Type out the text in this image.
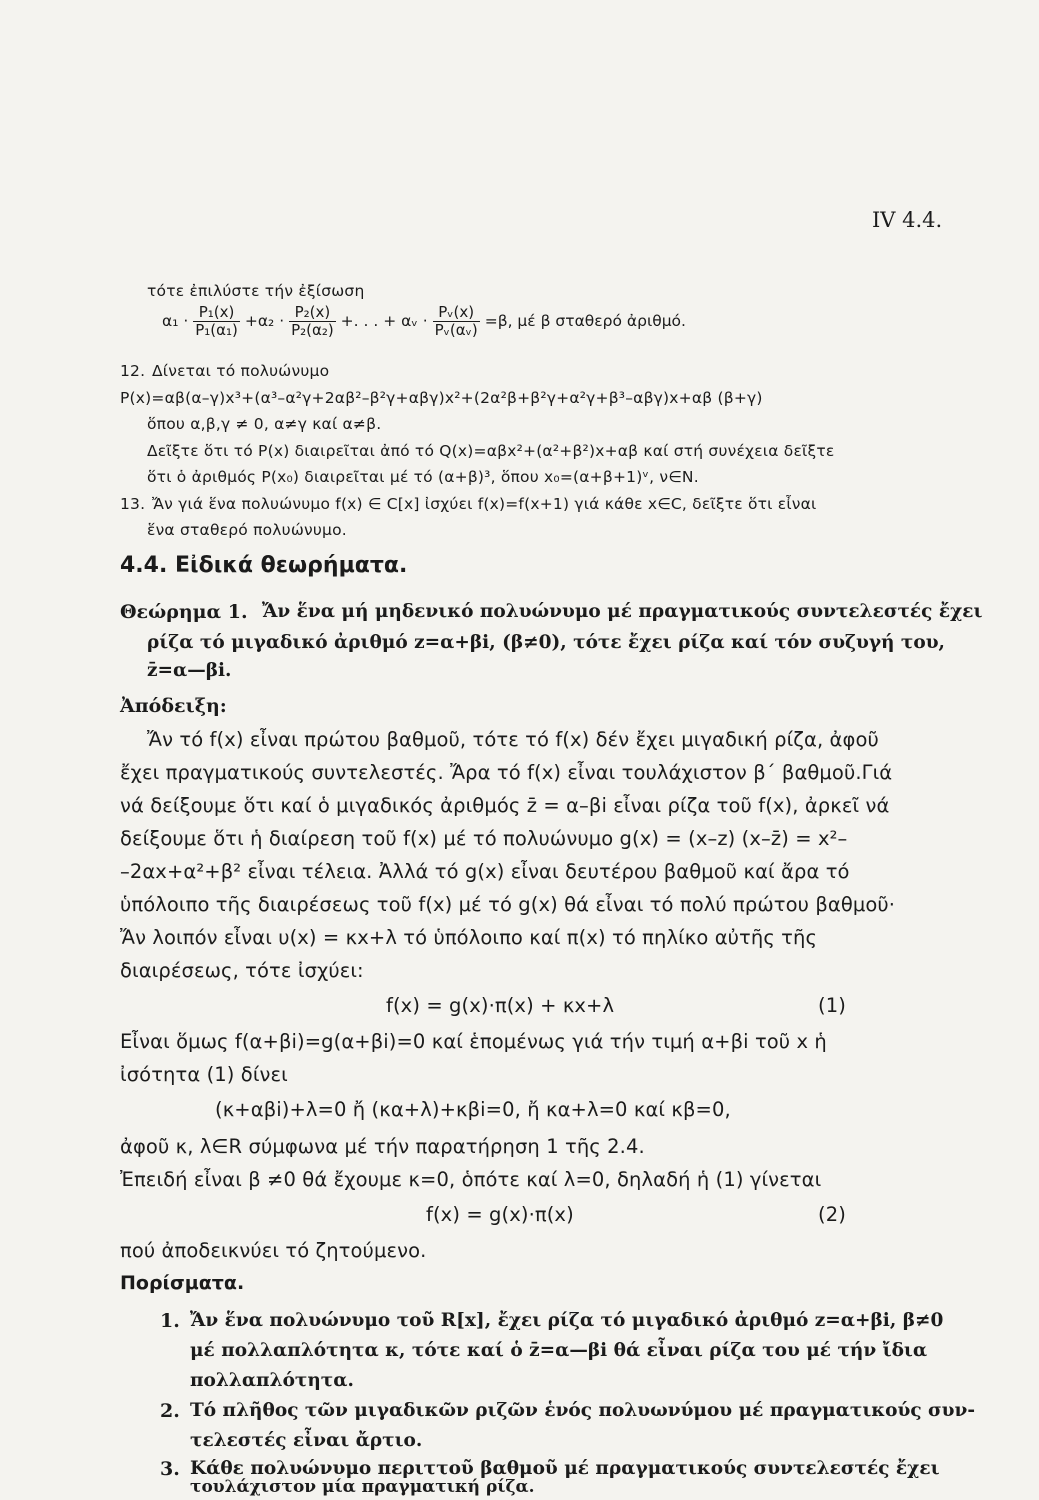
IV 4.4.
τότε ἐπιλύστε τήν ἐξίσωση
$\alpha_1 \cdot \frac{\text{P₁(x)}}{\text{P₁(α₁)}} +\alpha_2 \cdot \frac{\text{P₂(x)}}{\text{P₂(α₂)}}$ +. . . + αᵥ · $\frac{\text{Pᵥ(x)}}{\text{Pᵥ(αᵥ)}} =\beta$, μέ β σταθερό ἀριθμό.
12. Δίνεται τό πολυώνυμο
P(x)=αβ(α–γ)x³+(α³–α²γ+2αβ²–β²γ+αβγ)x²+(2α²β+β²γ+α²γ+β³–αβγ)x+αβ (β+γ)
ὅπου α,β,γ ≠ 0, α≠γ καί α≠β.
Δεῖξτε ὅτι τό P(x) διαιρεῖται ἀπό τό Q(x)=αβx²+(α²+β²)x+αβ καί στή συνέχεια δεῖξτε
ὅτι ὁ ἀριθμός P(x₀) διαιρεῖται μέ τό (α+β)³, ὅπου x₀=(α+β+1)ᵛ, ν∈N.
13. Ἄν γιά ἕνα πολυώνυμο f(x) ∈ C[x] ἰσχύει f(x)=f(x+1) γιά κάθε x∈C, δεῖξτε ὅτι εἶναι
ἕνα σταθερό πολυώνυμο.
4.4. Εἰδικά θεωρήματα.
Θεώρημα 1. Ἄν ἕνα μή μηδενικό πολυώνυμο μέ πραγματικούς συντελεστές ἔχει
ρίζα τό μιγαδικό ἀριθμό z=α+βi, (β≠0), τότε ἔχει ρίζα καί τόν συζυγή του,
z̄=α—βi.
Ἀπόδειξη:
Ἄν τό f(x) εἶναι πρώτου βαθμοῦ, τότε τό f(x) δέν ἔχει μιγαδική ρίζα, ἀφοῦ
ἔχει πραγματικούς συντελεστές. Ἄρα τό f(x) εἶναι τουλάχιστον β΄ βαθμοῦ.Γιά
νά δείξουμε ὅτι καί ὁ μιγαδικός ἀριθμός z̄ = α–βi εἶναι ρίζα τοῦ f(x), ἀρκεῖ νά
δείξουμε ὅτι ἡ διαίρεση τοῦ f(x) μέ τό πολυώνυμο g(x) = (x–z) (x–z̄) = x²–
–2αx+α²+β² εἶναι τέλεια. Ἀλλά τό g(x) εἶναι δευτέρου βαθμοῦ καί ἄρα τό
ὑπόλοιπο τῆς διαιρέσεως τοῦ f(x) μέ τό g(x) θά εἶναι τό πολύ πρώτου βαθμοῦ·
Ἄν λοιπόν εἶναι υ(x) = κx+λ τό ὑπόλοιπο καί π(x) τό πηλίκο αὐτῆς τῆς
διαιρέσεως, τότε ἰσχύει:
f(x) = g(x)·π(x) + κx+λ	(1)
Εἶναι ὅμως f(α+βi)=g(α+βi)=0 καί ἑπομένως γιά τήν τιμή α+βi τοῦ x ἡ
ἰσότητα (1) δίνει
(κ+αβi)+λ=0 ἤ (κα+λ)+κβi=0, ἤ κα+λ=0 καί κβ=0,
ἀφοῦ κ, λ∈R σύμφωνα μέ τήν παρατήρηση 1 τῆς 2.4.
Ἐπειδή εἶναι β ≠0 θά ἔχουμε κ=0, ὁπότε καί λ=0, δηλαδή ἡ (1) γίνεται
f(x) = g(x)·π(x)	(2)
πού ἀποδεικνύει τό ζητούμενο.
Πορίσματα.
1. Ἄν ἕνα πολυώνυμο τοῦ R[x], ἔχει ρίζα τό μιγαδικό ἀριθμό z=α+βi, β≠0
μέ πολλαπλότητα κ, τότε καί ὁ z̄=α—βi θά εἶναι ρίζα του μέ τήν ἴδια
πολλαπλότητα.
2. Τό πλῆθος τῶν μιγαδικῶν ριζῶν ἑνός πολυωνύμου μέ πραγματικούς συν-
τελεστές εἶναι ἄρτιο.
3. Κάθε πολυώνυμο περιττοῦ βαθμοῦ μέ πραγματικούς συντελεστές ἔχει
τουλάχιστον μία πραγματική ρίζα.
